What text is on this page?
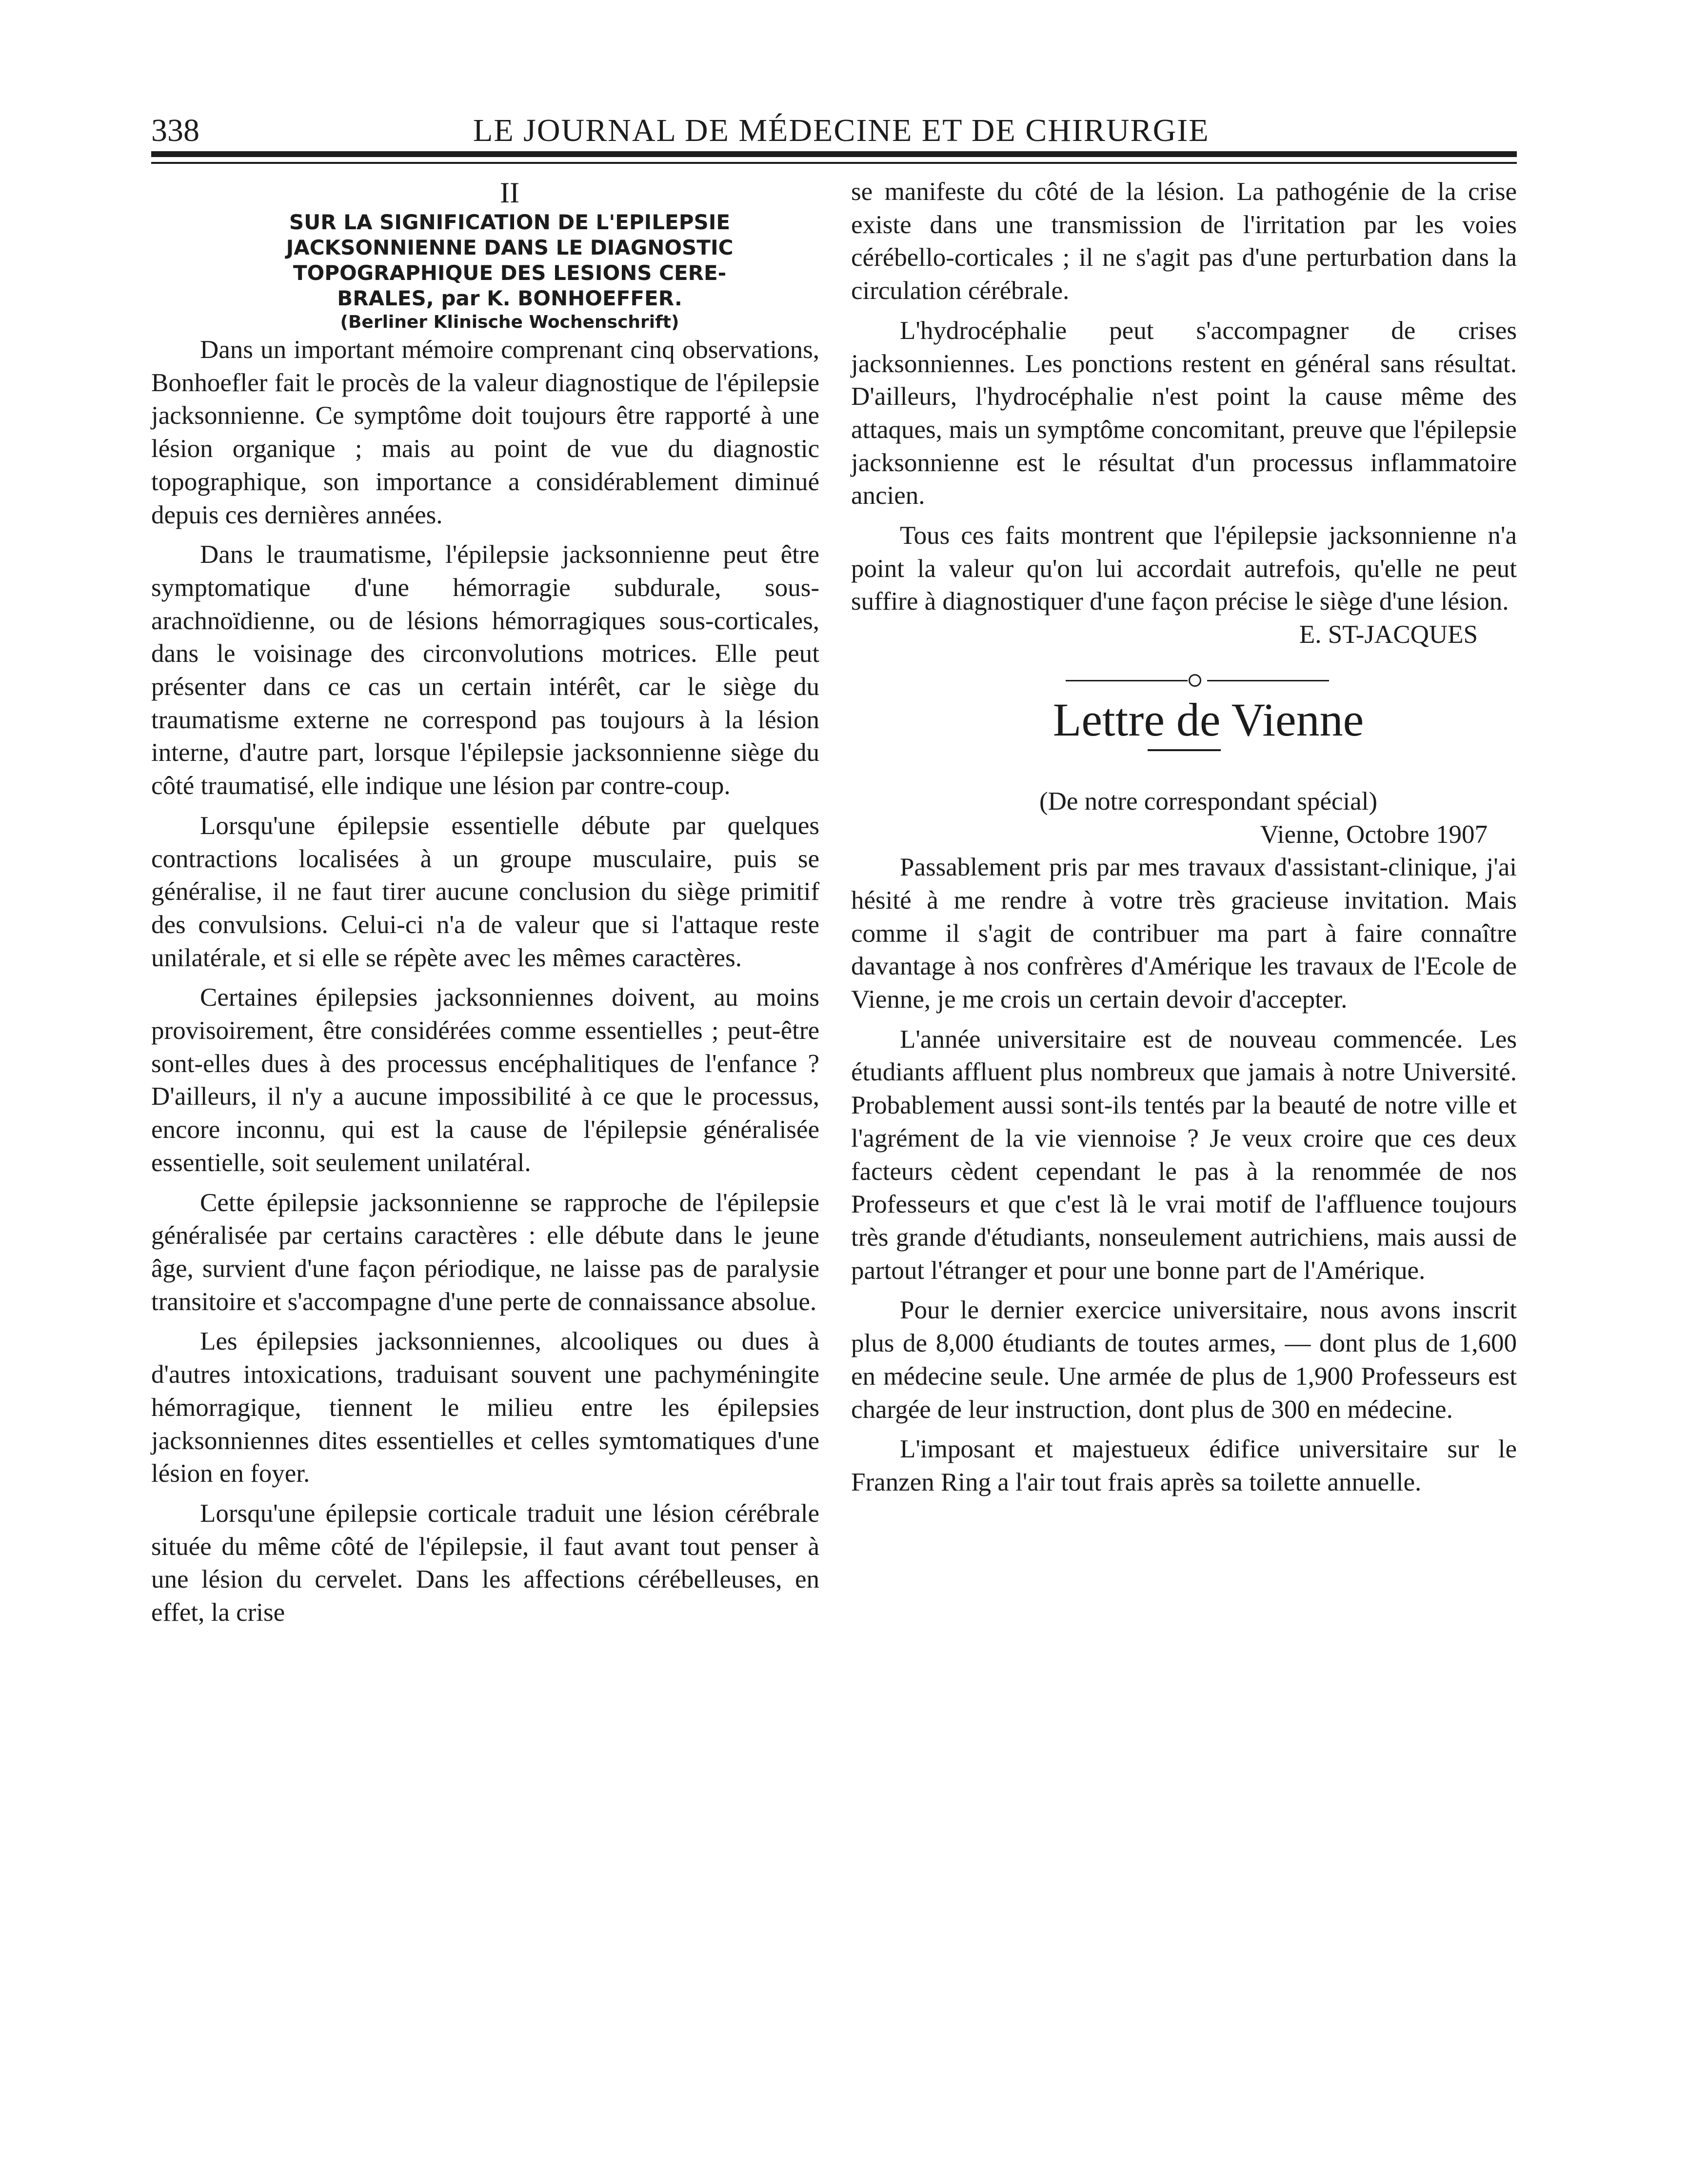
338	LE JOURNAL DE MÉDECINE ET DE CHIRURGIE

II

SUR LA SIGNIFICATION DE L'EPILEPSIE

JACKSONNIENNE DANS LE DIAGNOSTIC

TOPOGRAPHIQUE DES LESIONS CERE-

BRALES, par K. BONHOEFFER.

(Berliner Klinische Wochenschrift)

Dans un important mémoire comprenant cinq observations, Bonhoefler fait le procès de la valeur diagnostique de l'épilepsie jacksonnienne. Ce symptôme doit toujours être rapporté à une lésion organique ; mais au point de vue du diagnostic topographique, son importance a considérablement diminué depuis ces dernières années.

Dans le traumatisme, l'épilepsie jacksonnienne peut être symptomatique d'une hémorragie subdurale, sous-arachnoïdienne, ou de lésions hémorragiques sous-corticales, dans le voisinage des circonvolutions motrices. Elle peut présenter dans ce cas un certain intérêt, car le siège du traumatisme externe ne correspond pas toujours à la lésion interne, d'autre part, lorsque l'épilepsie jacksonnienne siège du côté traumatisé, elle indique une lésion par contre-coup.

Lorsqu'une épilepsie essentielle débute par quelques contractions localisées à un groupe musculaire, puis se généralise, il ne faut tirer aucune conclusion du siège primitif des convulsions. Celui-ci n'a de valeur que si l'attaque reste unilatérale, et si elle se répète avec les mêmes caractères.

Certaines épilepsies jacksonniennes doivent, au moins provisoirement, être considérées comme essentielles ; peut-être sont-elles dues à des processus encéphalitiques de l'enfance ? D'ailleurs, il n'y a aucune impossibilité à ce que le processus, encore inconnu, qui est la cause de l'épilepsie généralisée essentielle, soit seulement unilatéral.

Cette épilepsie jacksonnienne se rapproche de l'épilepsie généralisée par certains caractères : elle débute dans le jeune âge, survient d'une façon périodique, ne laisse pas de paralysie transitoire et s'accompagne d'une perte de connaissance absolue.

Les épilepsies jacksonniennes, alcooliques ou dues à d'autres intoxications, traduisant souvent une pachyméningite hémorragique, tiennent le milieu entre les épilepsies jacksonniennes dites essentielles et celles symtomatiques d'une lésion en foyer.

Lorsqu'une épilepsie corticale traduit une lésion cérébrale située du même côté de l'épilepsie, il faut avant tout penser à une lésion du cervelet. Dans les affections cérébelleuses, en effet, la crise

se manifeste du côté de la lésion. La pathogénie de la crise existe dans une transmission de l'irritation par les voies cérébello-corticales ; il ne s'agit pas d'une perturbation dans la circulation cérébrale.

L'hydrocéphalie peut s'accompagner de crises jacksonniennes. Les ponctions restent en général sans résultat. D'ailleurs, l'hydrocéphalie n'est point la cause même des attaques, mais un symptôme concomitant, preuve que l'épilepsie jacksonnienne est le résultat d'un processus inflammatoire ancien.

Tous ces faits montrent que l'épilepsie jacksonnienne n'a point la valeur qu'on lui accordait autrefois, qu'elle ne peut suffire à diagnostiquer d'une façon précise le siège d'une lésion.

E. ST-JACQUES

Lettre de Vienne

(De notre correspondant spécial)

Vienne, Octobre 1907

Passablement pris par mes travaux d'assistant-clinique, j'ai hésité à me rendre à votre très gracieuse invitation. Mais comme il s'agit de contribuer ma part à faire connaître davantage à nos confrères d'Amérique les travaux de l'Ecole de Vienne, je me crois un certain devoir d'accepter.

L'année universitaire est de nouveau commencée. Les étudiants affluent plus nombreux que jamais à notre Université. Probablement aussi sont-ils tentés par la beauté de notre ville et l'agrément de la vie viennoise ? Je veux croire que ces deux facteurs cèdent cependant le pas à la renommée de nos Professeurs et que c'est là le vrai motif de l'affluence toujours très grande d'étudiants, nonseulement autrichiens, mais aussi de partout l'étranger et pour une bonne part de l'Amérique.

Pour le dernier exercice universitaire, nous avons inscrit plus de 8,000 étudiants de toutes armes, — dont plus de 1,600 en médecine seule. Une armée de plus de 1,900 Professeurs est chargée de leur instruction, dont plus de 300 en médecine.

L'imposant et majestueux édifice universitaire sur le Franzen Ring a l'air tout frais après sa toilette annuelle.
